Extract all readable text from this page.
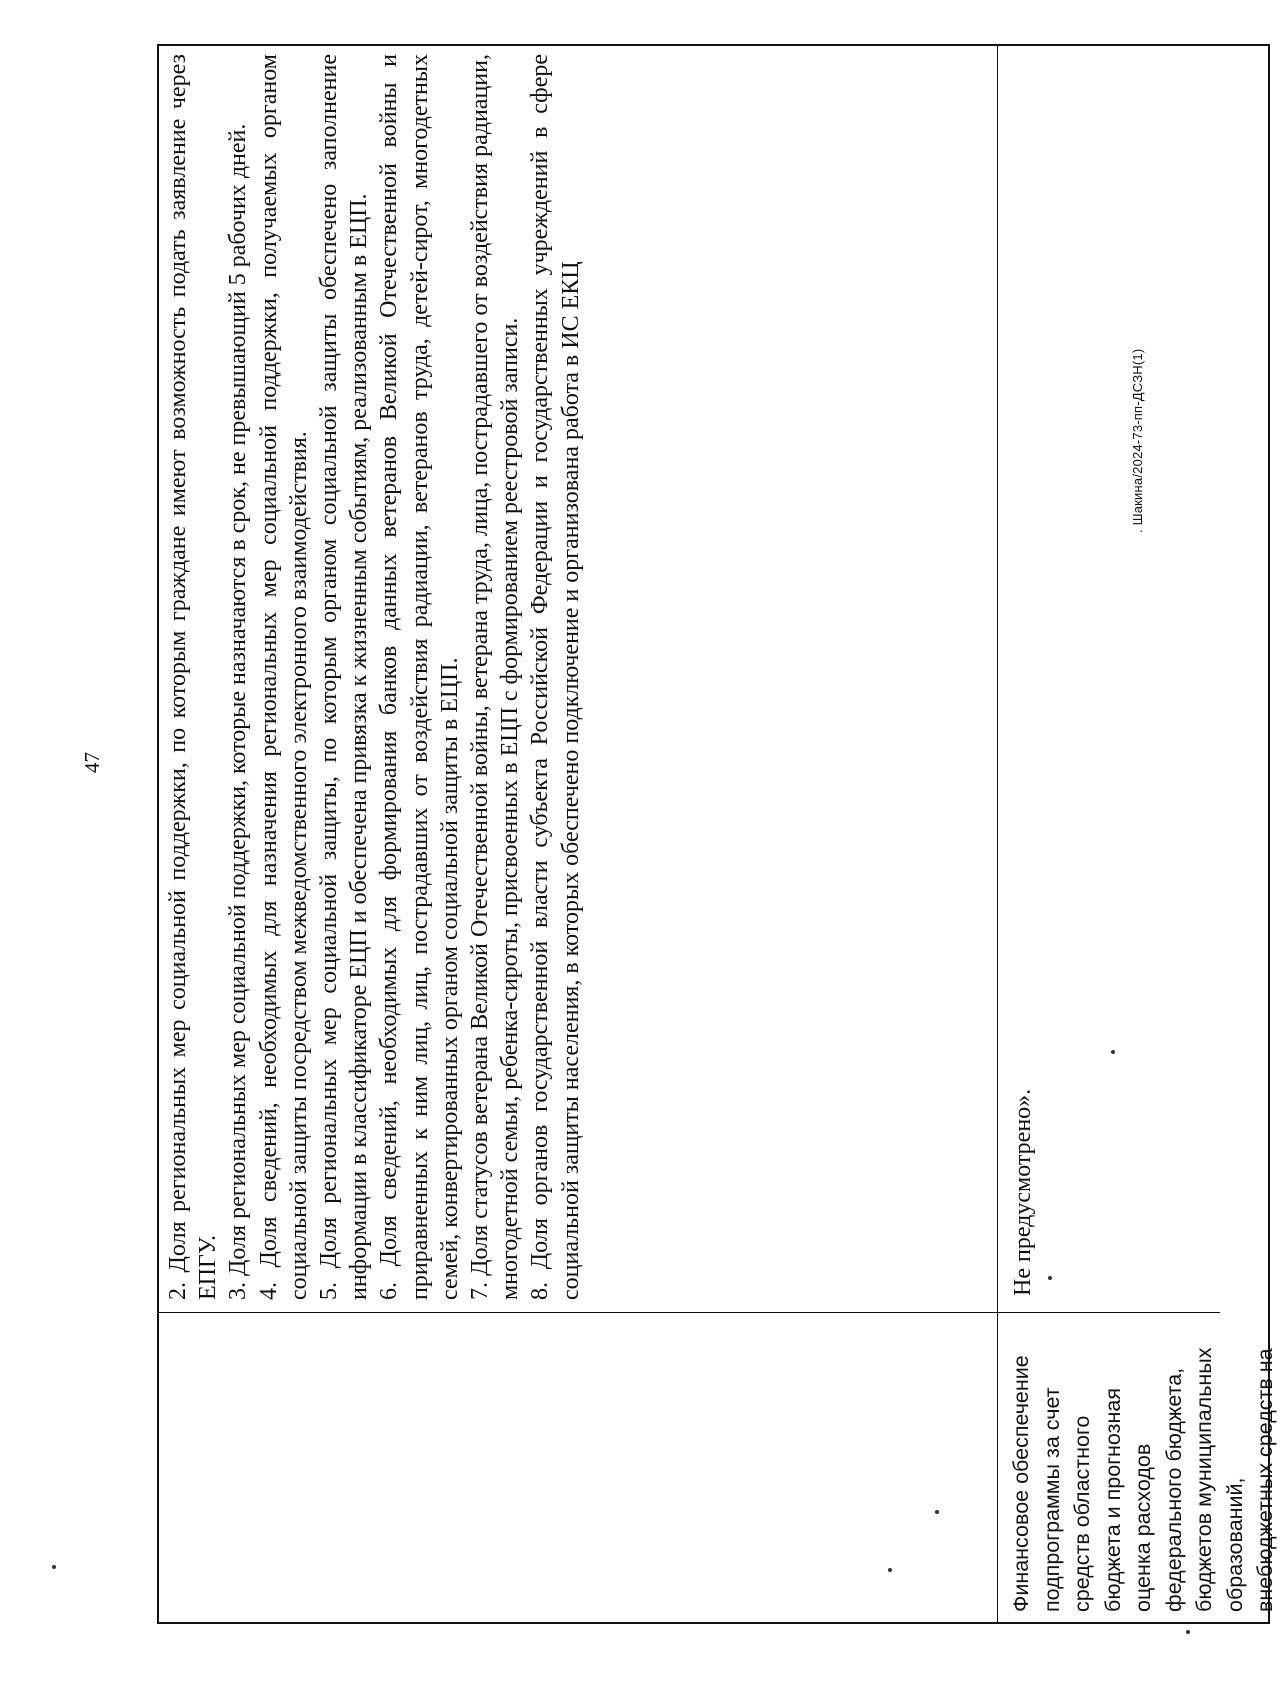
47	2. Доля региональных мер социальной поддержки, по которым граждане имеют возможность подать заявление через ЕПГУ. 3. Доля региональных мер социальной поддержки, которые назначаются в срок, не превышающий 5 рабочих дней. 4. Доля сведений, необходимых для назначения региональных мер социальной поддержки, получаемых органом социальной защиты посредством межведомственного электронного взаимодействия. 5. Доля региональных мер социальной защиты, по которым органом социальной защиты обеспечено заполнение информации в классификаторе ЕЦП и обеспечена привязка к жизненным событиям, реализованным в ЕЦП. 6. Доля сведений, необходимых для формирования банков данных ветеранов Великой Отечественной войны и приравненных к ним лиц, лиц, пострадавших от воздействия радиации, ветеранов труда, детей-сирот, многодетных семей, конвертированных органом социальной защиты в ЕЦП. 7. Доля статусов ветерана Великой Отечественной войны, ветерана труда, лица, пострадавшего от воздействия радиации, многодетной семьи, ребенка-сироты, присвоенных в ЕЦП с формированием реестровой записи. 8. Доля органов государственной власти субъекта Российской Федерации и государственных учреждений в сфере социальной защиты населения, в которых обеспечено подключение и организована работа в ИС ЕКЦ

Финансовое обеспечение подпрограммы за счет средств областного бюджета и прогнозная оценка расходов федерального бюджета, бюджетов муниципальных образований, внебюджетных средств на

Не предусмотрено».

. Шакина/2024-73-пп-ДСЗН(1)
